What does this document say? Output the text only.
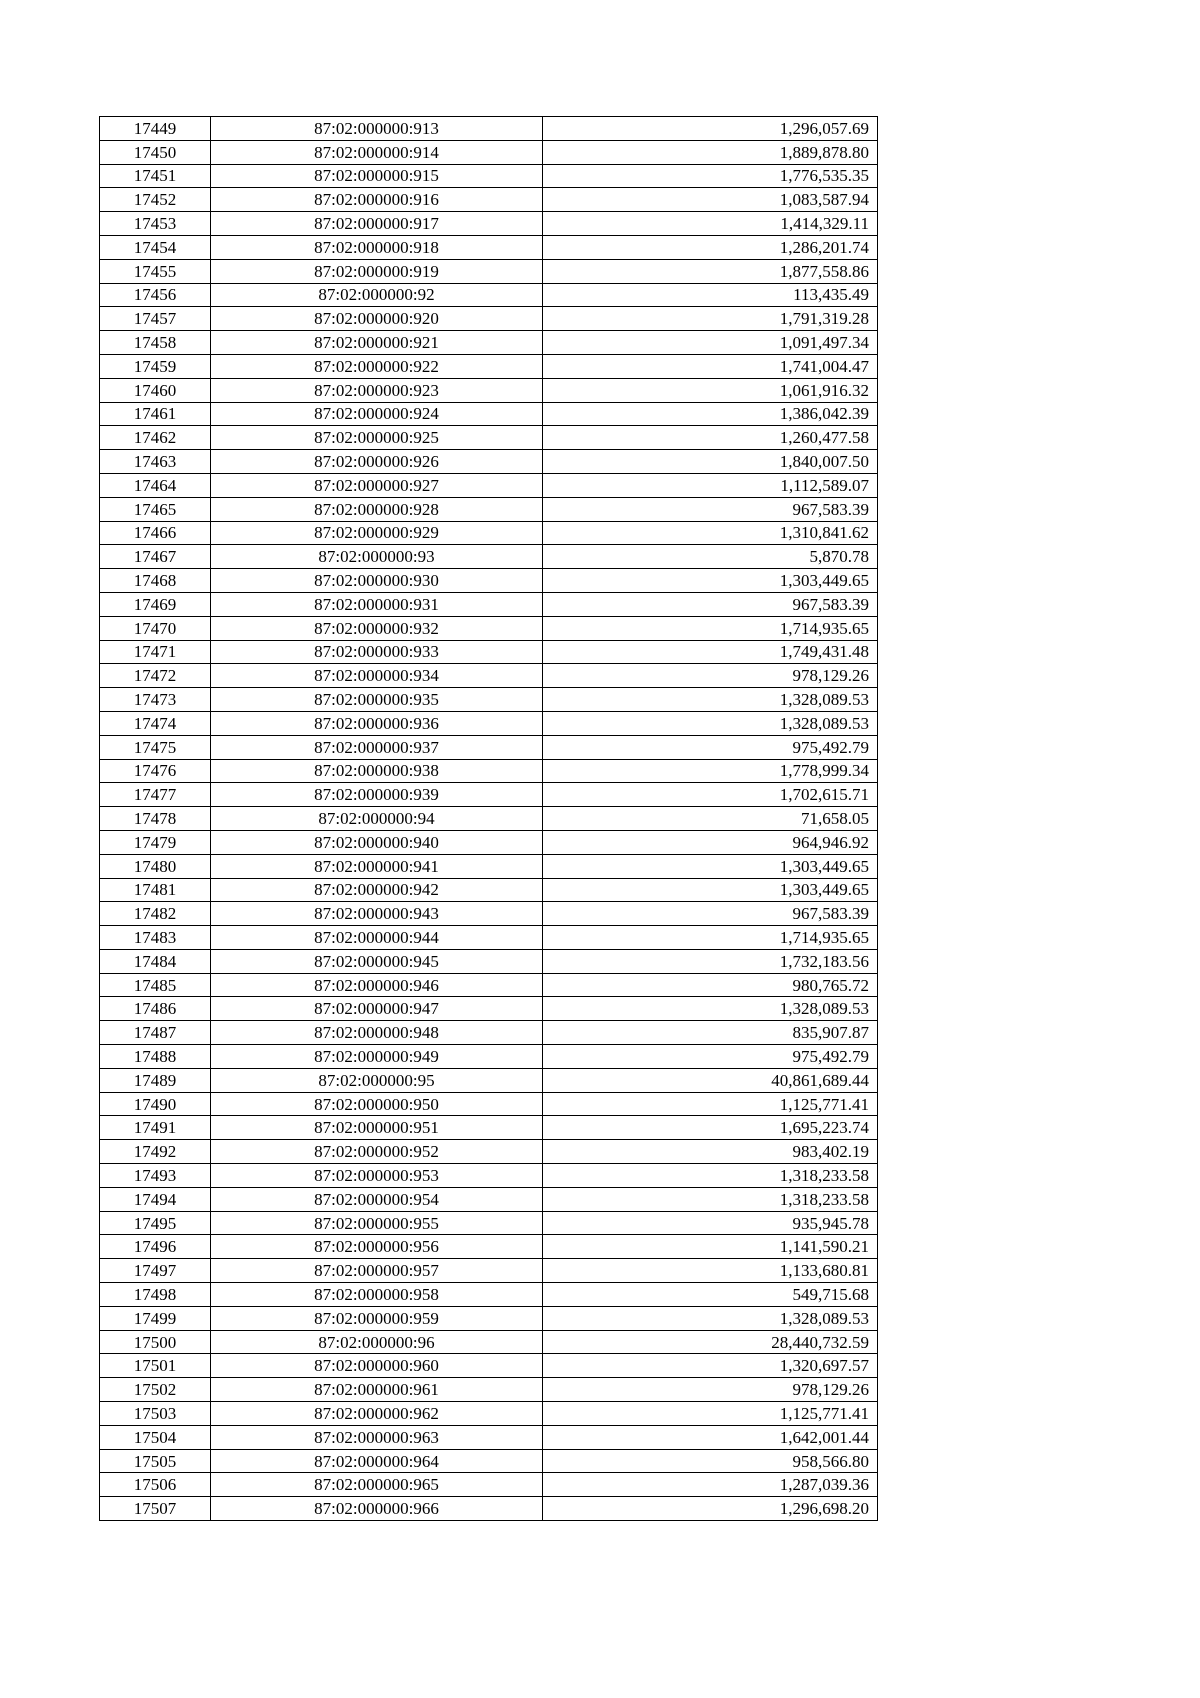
17449	87:02:000000:913	1,296,057.69
17450	87:02:000000:914	1,889,878.80
17451	87:02:000000:915	1,776,535.35
17452	87:02:000000:916	1,083,587.94
17453	87:02:000000:917	1,414,329.11
17454	87:02:000000:918	1,286,201.74
17455	87:02:000000:919	1,877,558.86
17456	87:02:000000:92	113,435.49
17457	87:02:000000:920	1,791,319.28
17458	87:02:000000:921	1,091,497.34
17459	87:02:000000:922	1,741,004.47
17460	87:02:000000:923	1,061,916.32
17461	87:02:000000:924	1,386,042.39
17462	87:02:000000:925	1,260,477.58
17463	87:02:000000:926	1,840,007.50
17464	87:02:000000:927	1,112,589.07
17465	87:02:000000:928	967,583.39
17466	87:02:000000:929	1,310,841.62
17467	87:02:000000:93	5,870.78
17468	87:02:000000:930	1,303,449.65
17469	87:02:000000:931	967,583.39
17470	87:02:000000:932	1,714,935.65
17471	87:02:000000:933	1,749,431.48
17472	87:02:000000:934	978,129.26
17473	87:02:000000:935	1,328,089.53
17474	87:02:000000:936	1,328,089.53
17475	87:02:000000:937	975,492.79
17476	87:02:000000:938	1,778,999.34
17477	87:02:000000:939	1,702,615.71
17478	87:02:000000:94	71,658.05
17479	87:02:000000:940	964,946.92
17480	87:02:000000:941	1,303,449.65
17481	87:02:000000:942	1,303,449.65
17482	87:02:000000:943	967,583.39
17483	87:02:000000:944	1,714,935.65
17484	87:02:000000:945	1,732,183.56
17485	87:02:000000:946	980,765.72
17486	87:02:000000:947	1,328,089.53
17487	87:02:000000:948	835,907.87
17488	87:02:000000:949	975,492.79
17489	87:02:000000:95	40,861,689.44
17490	87:02:000000:950	1,125,771.41
17491	87:02:000000:951	1,695,223.74
17492	87:02:000000:952	983,402.19
17493	87:02:000000:953	1,318,233.58
17494	87:02:000000:954	1,318,233.58
17495	87:02:000000:955	935,945.78
17496	87:02:000000:956	1,141,590.21
17497	87:02:000000:957	1,133,680.81
17498	87:02:000000:958	549,715.68
17499	87:02:000000:959	1,328,089.53
17500	87:02:000000:96	28,440,732.59
17501	87:02:000000:960	1,320,697.57
17502	87:02:000000:961	978,129.26
17503	87:02:000000:962	1,125,771.41
17504	87:02:000000:963	1,642,001.44
17505	87:02:000000:964	958,566.80
17506	87:02:000000:965	1,287,039.36
17507	87:02:000000:966	1,296,698.20
